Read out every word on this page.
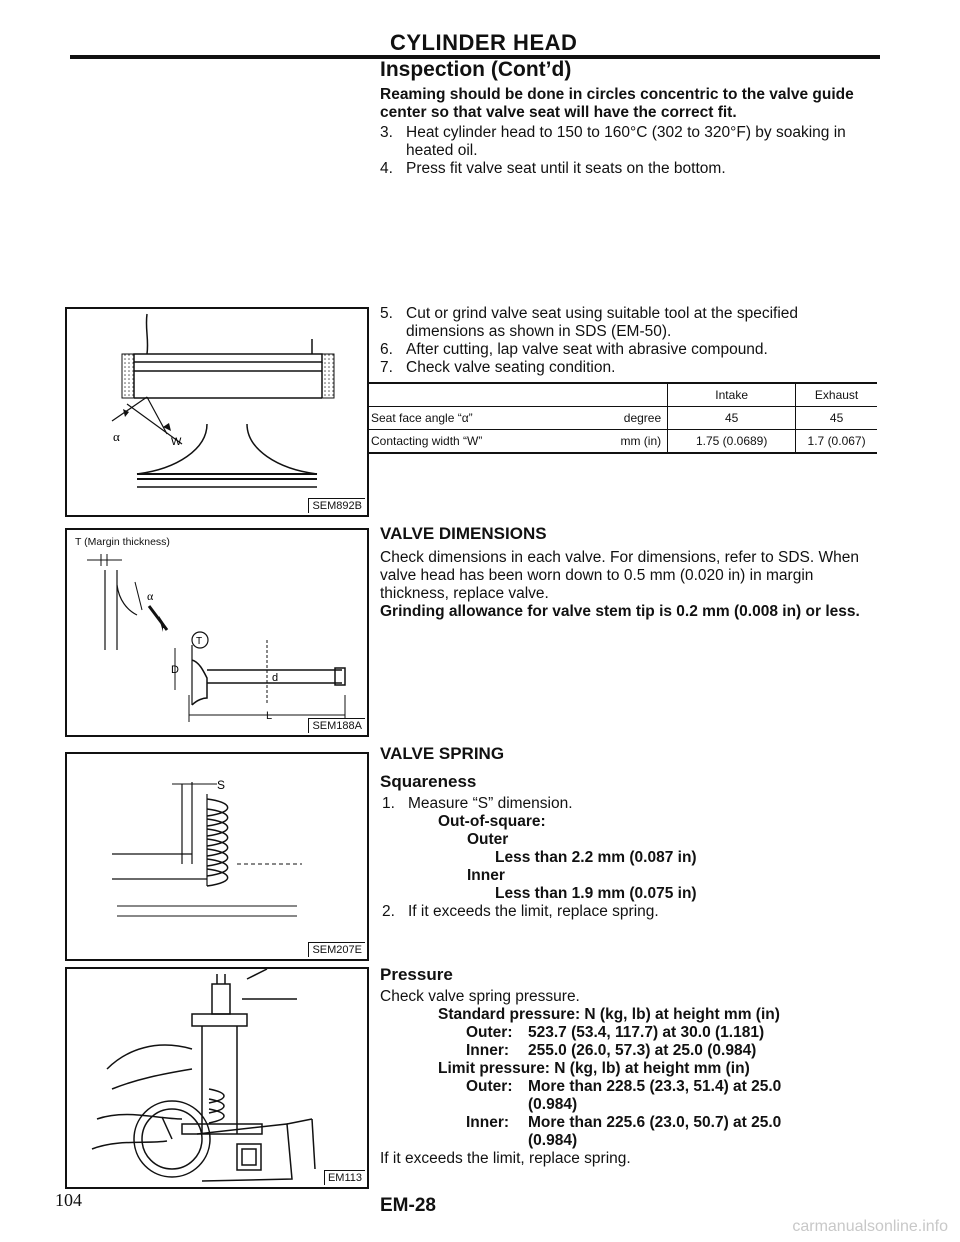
CYLINDER HEAD
Inspection (Cont’d)
Reaming should be done in circles concentric to the valve guide center so that valve seat will have the correct fit.
3. Heat cylinder head to 150 to 160°C (302 to 320°F) by soaking in heated oil.
4. Press fit valve seat until it seats on the bottom.
5. Cut or grind valve seat using suitable tool at the specified dimensions as shown in SDS (EM-50).
6. After cutting, lap valve seat with abrasive compound.
7. Check valve seating condition.
		Intake	Exhaust
Seat face angle “α”	degree	45	45
Contacting width “W”	mm (in)	1.75 (0.0689)	1.7 (0.067)
VALVE DIMENSIONS
Check dimensions in each valve. For dimensions, refer to SDS. When valve head has been worn down to 0.5 mm (0.020 in) in margin thickness, replace valve.
Grinding allowance for valve stem tip is 0.2 mm (0.008 in) or less.
VALVE SPRING
Squareness
1. Measure “S” dimension.
Out-of-square:
Outer
Less than 2.2 mm (0.087 in)
Inner
Less than 1.9 mm (0.075 in)
2. If it exceeds the limit, replace spring.
Pressure
Check valve spring pressure.
Standard pressure: N (kg, lb) at height mm (in)
Outer:	523.7 (53.4, 117.7) at 30.0 (1.181)
Inner:	255.0 (26.0, 57.3) at 25.0 (0.984)
Limit pressure: N (kg, lb) at height mm (in)
Outer:	More than 228.5 (23.3, 51.4) at 25.0 (0.984)
Inner:	More than 225.6 (23.0, 50.7) at 25.0 (0.984)
If it exceeds the limit, replace spring.
α	W
SEM892B
T (Margin thickness)
α
T
D
d
L
SEM188A
S
SEM207E
EM113
104	EM-28
carmanualsonline.info
